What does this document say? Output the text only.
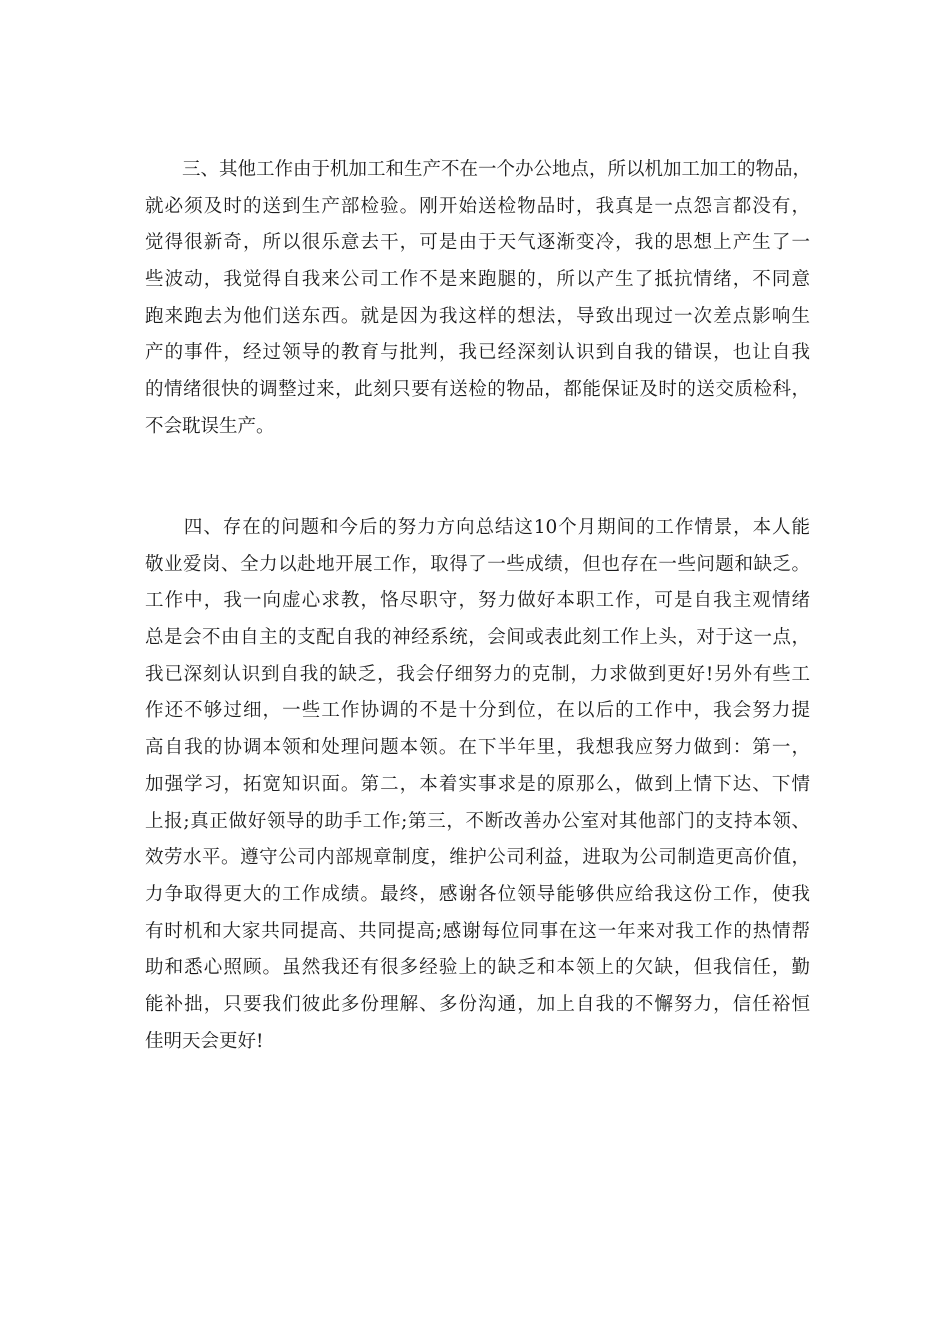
　　三、其他工作由于机加工和生产不在一个办公地点，所以机加工加工的物品，
就必须及时的送到生产部检验。刚开始送检物品时，我真是一点怨言都没有，
觉得很新奇，所以很乐意去干，可是由于天气逐渐变冷，我的思想上产生了一
些波动，我觉得自我来公司工作不是来跑腿的，所以产生了抵抗情绪，不同意
跑来跑去为他们送东西。就是因为我这样的想法，导致出现过一次差点影响生
产的事件，经过领导的教育与批判，我已经深刻认识到自我的错误，也让自我
的情绪很快的调整过来，此刻只要有送检的物品，都能保证及时的送交质检科，
不会耽误生产。
　　四、存在的问题和今后的努力方向总结这10个月期间的工作情景，本人能
敬业爱岗、全力以赴地开展工作，取得了一些成绩，但也存在一些问题和缺乏。
工作中，我一向虚心求教，恪尽职守，努力做好本职工作，可是自我主观情绪
总是会不由自主的支配自我的神经系统，会间或表此刻工作上头，对于这一点，
我已深刻认识到自我的缺乏，我会仔细努力的克制，力求做到更好!另外有些工
作还不够过细，一些工作协调的不是十分到位，在以后的工作中，我会努力提
高自我的协调本领和处理问题本领。在下半年里，我想我应努力做到：第一，
加强学习，拓宽知识面。第二，本着实事求是的原那么，做到上情下达、下情
上报;真正做好领导的助手工作;第三，不断改善办公室对其他部门的支持本领、
效劳水平。遵守公司内部规章制度，维护公司利益，进取为公司制造更高价值，
力争取得更大的工作成绩。最终，感谢各位领导能够供应给我这份工作，使我
有时机和大家共同提高、共同提高;感谢每位同事在这一年来对我工作的热情帮
助和悉心照顾。虽然我还有很多经验上的缺乏和本领上的欠缺，但我信任，勤
能补拙，只要我们彼此多份理解、多份沟通，加上自我的不懈努力，信任裕恒
佳明天会更好!
